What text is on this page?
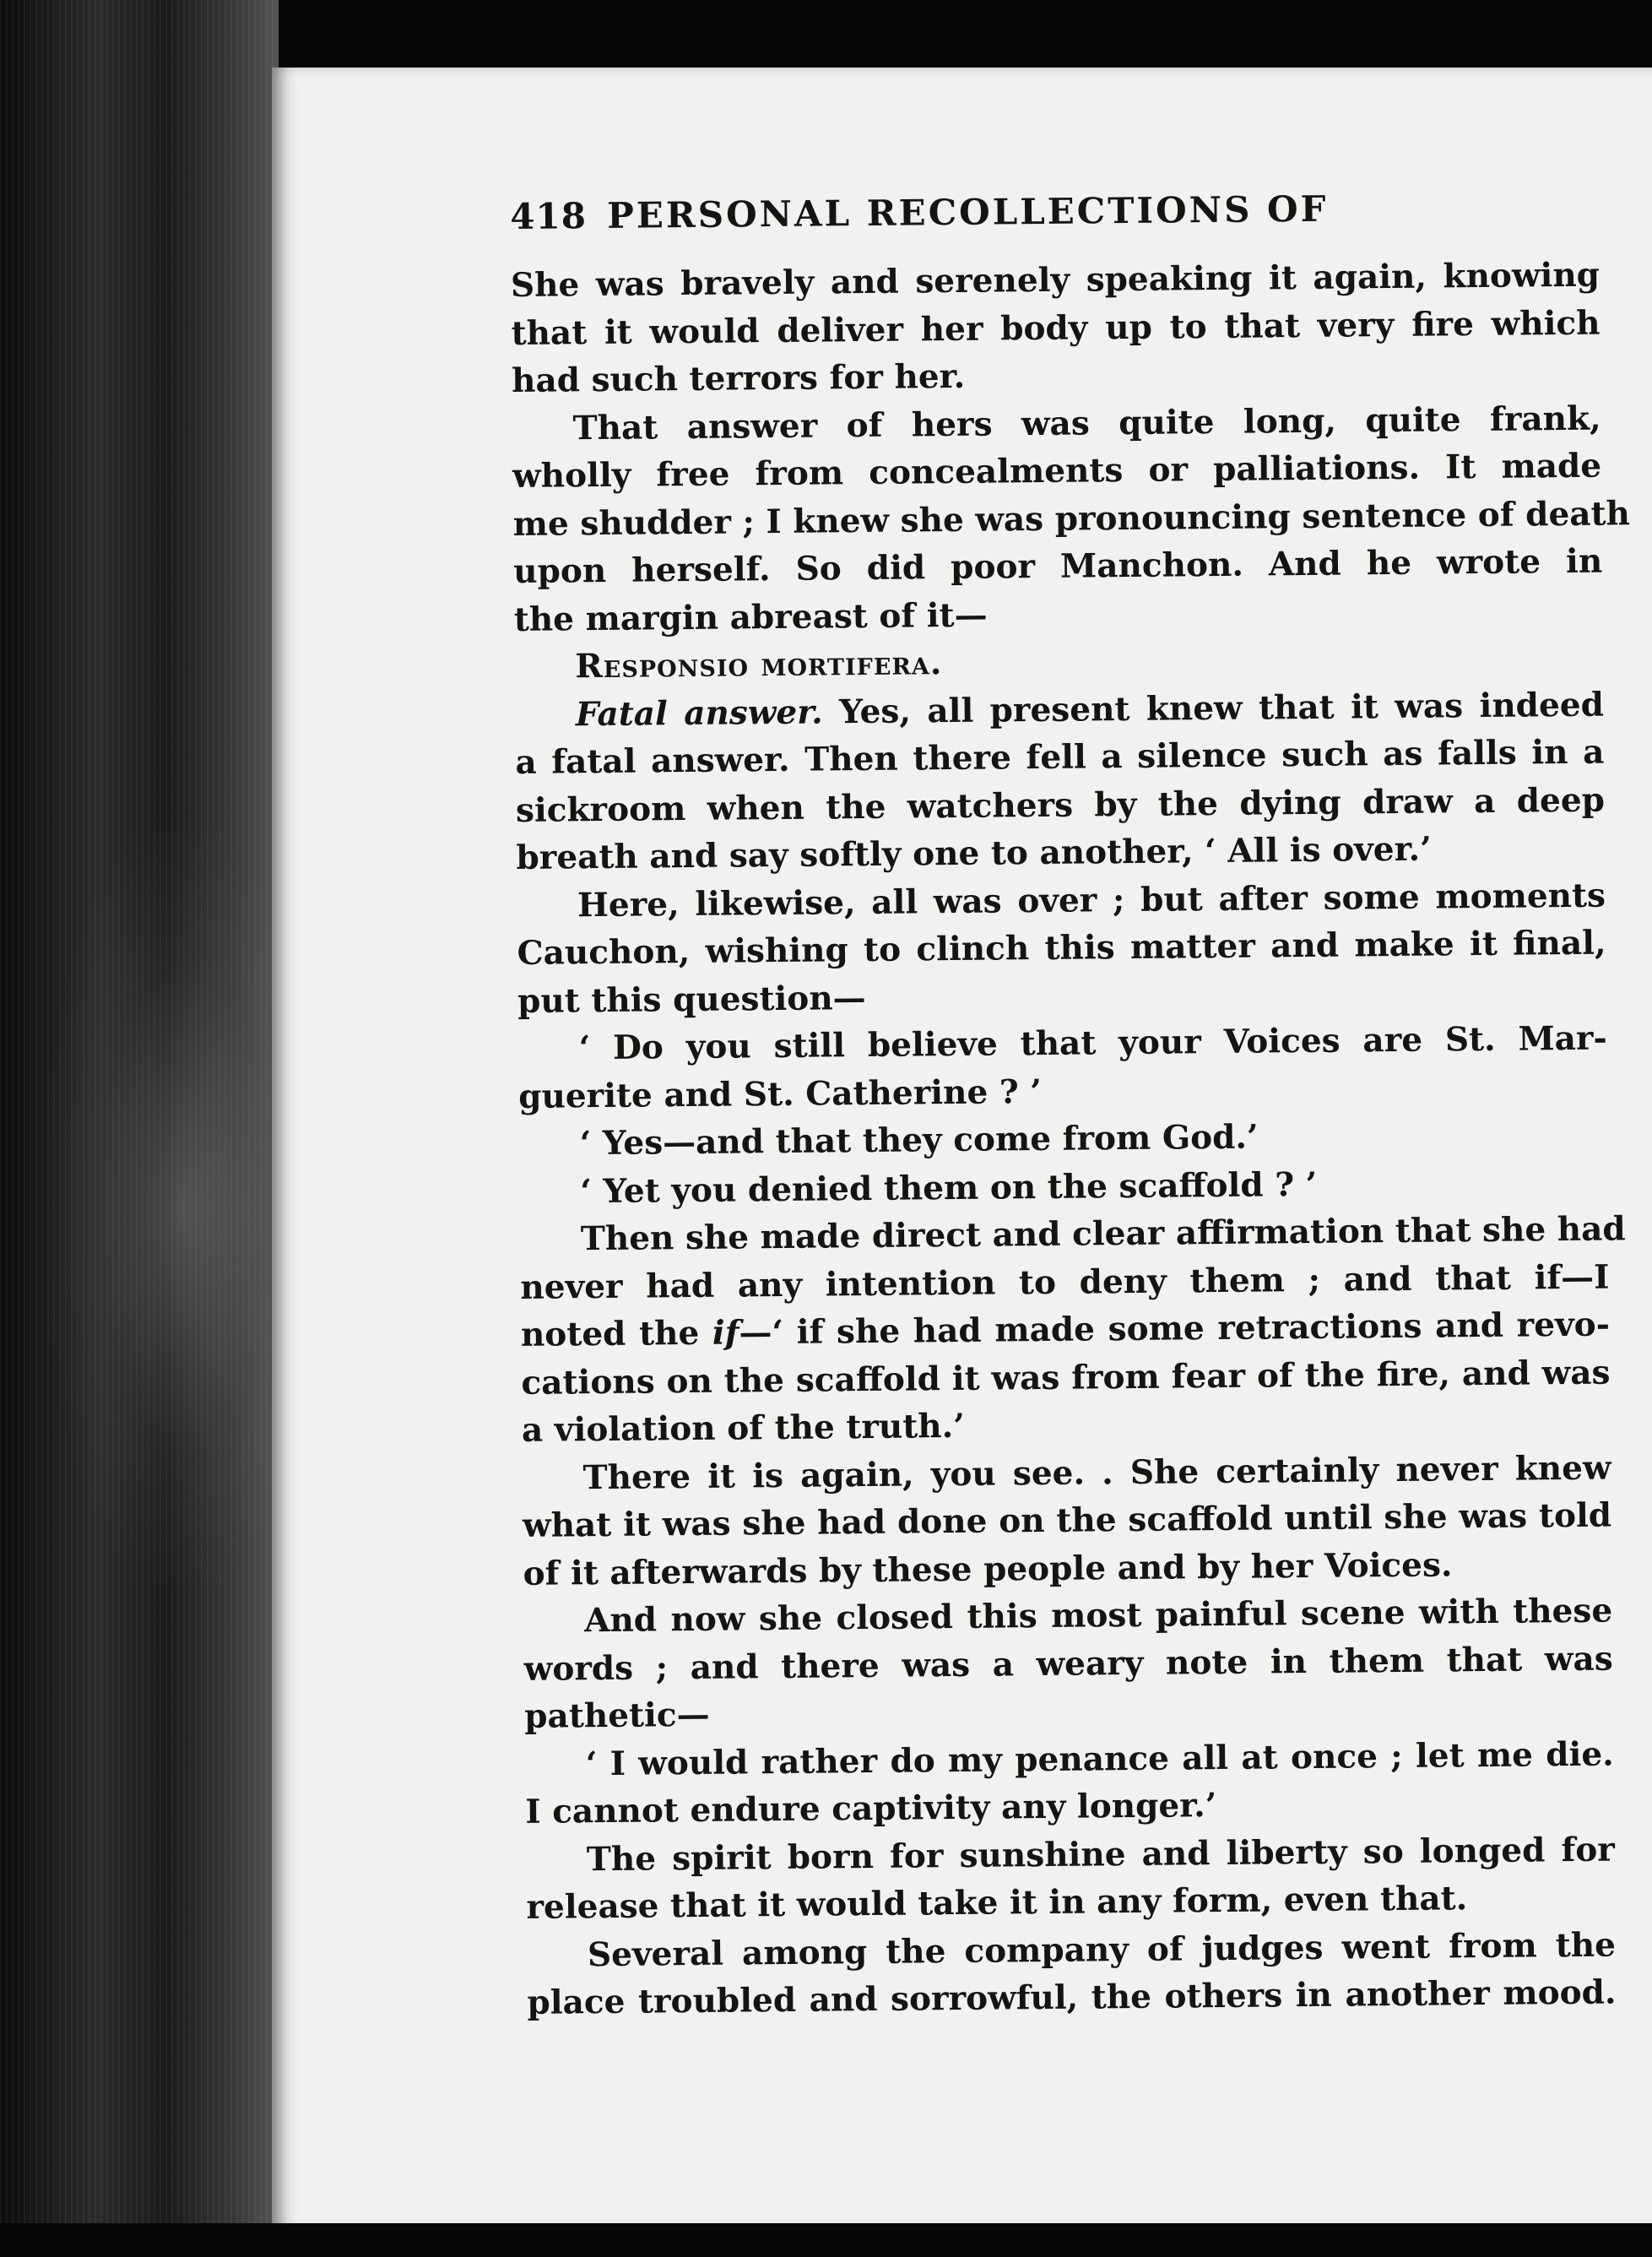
418 PERSONAL RECOLLECTIONS OF
She was bravely and serenely speaking it again, knowing
that it would deliver her body up to that very fire which
had such terrors for her.
That answer of hers was quite long, quite frank,
wholly free from concealments or palliations. It made
me shudder ; I knew she was pronouncing sentence of death
upon herself. So did poor Manchon. And he wrote in
the margin abreast of it—
Responsio mortifera.
Fatal answer. Yes, all present knew that it was indeed
a fatal answer. Then there fell a silence such as falls in a
sickroom when the watchers by the dying draw a deep
breath and say softly one to another, ‘ All is over.’
Here, likewise, all was over ; but after some moments
Cauchon, wishing to clinch this matter and make it final,
put this question—
‘ Do you still believe that your Voices are St. Mar-
guerite and St. Catherine ? ’
‘ Yes—and that they come from God.’
‘ Yet you denied them on the scaffold ? ’
Then she made direct and clear affirmation that she had
never had any intention to deny them ; and that if—I
noted the if—‘ if she had made some retractions and revo-
cations on the scaffold it was from fear of the fire, and was
a violation of the truth.’
There it is again, you see. . She certainly never knew
what it was she had done on the scaffold until she was told
of it afterwards by these people and by her Voices.
And now she closed this most painful scene with these
words ; and there was a weary note in them that was
pathetic—
‘ I would rather do my penance all at once ; let me die.
I cannot endure captivity any longer.’
The spirit born for sunshine and liberty so longed for
release that it would take it in any form, even that.
Several among the company of judges went from the
place troubled and sorrowful, the others in another mood.
